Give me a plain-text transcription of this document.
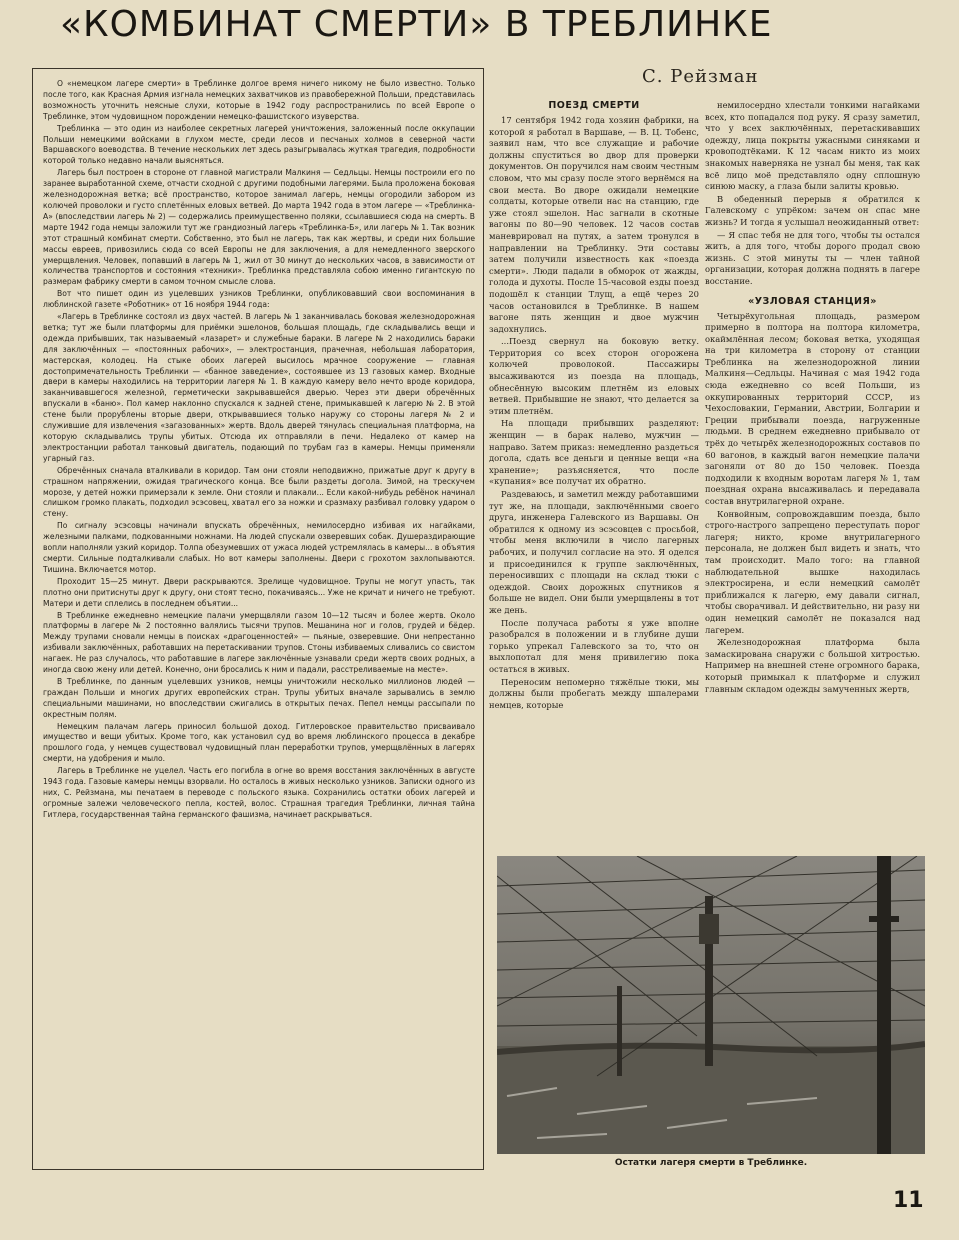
«КОМБИНАТ СМЕРТИ» В ТРЕБЛИНКЕ

О «немецком лагере смерти» в Треблинке долгое время ничего никому не было известно. Только после того, как Красная Армия изгнала немецких захватчиков из правобережной Польши, представилась возможность уточнить неясные слухи, которые в 1942 году распространились по всей Европе о Треблинке, этом чудовищном порождении немецко-фашистского изуверства.

Треблинка — это один из наиболее секретных лагерей уничтожения, заложенный после оккупации Польши немецкими войсками в глухом месте, среди лесов и песчаных холмов в северной части Варшавского воеводства. В течение нескольких лет здесь разыгрывалась жуткая трагедия, подробности которой только недавно начали выясняться.

Лагерь был построен в стороне от главной магистрали Малкиня — Седльцы. Немцы построили его по заранее выработанной схеме, отчасти сходной с другими подобными лагерями. Была проложена боковая железнодорожная ветка; всё пространство, которое занимал лагерь, немцы огородили забором из колючей проволоки и густо сплетённых еловых ветвей. До марта 1942 года в этом лагере — «Треблинка-А» (впоследствии лагерь № 2) — содержались преимущественно поляки, ссылавшиеся сюда на смерть. В марте 1942 года немцы заложили тут же грандиозный лагерь «Треблинка-Б», или лагерь № 1. Так возник этот страшный комбинат смерти. Собственно, это был не лагерь, так как жертвы, и среди них большие массы евреев, привозились сюда со всей Европы не для заключения, а для немедленного зверского умерщвления. Человек, попавший в лагерь № 1, жил от 30 минут до нескольких часов, в зависимости от количества транспортов и состояния «техники». Треблинка представляла собою именно гигантскую по размерам фабрику смерти в самом точном смысле слова.

Вот что пишет один из уцелевших узников Треблинки, опубликовавший свои воспоминания в люблинской газете «Роботник» от 16 ноября 1944 года:

«Лагерь в Треблинке состоял из двух частей. В лагерь № 1 заканчивалась боковая железнодорожная ветка; тут же были платформы для приёмки эшелонов, большая площадь, где складывались вещи и одежда прибывших, так называемый «лазарет» и служебные бараки. В лагере № 2 находились бараки для заключённых — «постоянных рабочих», — электростанция, прачечная, небольшая лаборатория, мастерская, колодец. На стыке обоих лагерей высилось мрачное сооружение — главная достопримечательность Треблинки — «банное заведение», состоявшее из 13 газовых камер. Входные двери в камеры находились на территории лагеря № 1. В каждую камеру вело нечто вроде коридора, заканчивавшегося железной, герметически закрывавшейся дверью. Через эти двери обречённых впускали в «баню». Пол камер наклонно спускался к задней стене, примыкавшей к лагерю № 2. В этой стене были прорублены вторые двери, открывавшиеся только наружу со стороны лагеря № 2 и служившие для извлечения «загазованных» жертв. Вдоль дверей тянулась специальная платформа, на которую складывались трупы убитых. Отсюда их отправляли в печи. Недалеко от камер на электростанции работал танковый двигатель, подающий по трубам газ в камеры. Немцы применяли угарный газ.

Обречённых сначала вталкивали в коридор. Там они стояли неподвижно, прижатые друг к другу в страшном напряжении, ожидая трагического конца. Все были раздеты догола. Зимой, на трескучем морозе, у детей ножки примерзали к земле. Они стояли и плакали... Если какой-нибудь ребёнок начинал слишком громко плакать, подходил эсэсовец, хватал его за ножки и сразмаху разбивал головку ударом о стену.

По сигналу эсэсовцы начинали впускать обречённых, немилосердно избивая их нагайками, железными палками, подкованными ножнами. На людей спускали озверевших собак. Душераздирающие вопли наполняли узкий коридор. Толпа обезумевших от ужаса людей устремлялась в камеры... в объятия смерти. Сильные подталкивали слабых. Но вот камеры заполнены. Двери с грохотом захлопываются. Тишина. Включается мотор.

Проходит 15—25 минут. Двери раскрываются. Зрелище чудовищное. Трупы не могут упасть, так плотно они притиснуты друг к другу, они стоят тесно, покачиваясь... Уже не кричат и ничего не требуют. Матери и дети сплелись в последнем объятии...

В Треблинке ежедневно немецкие палачи умерщвляли газом 10—12 тысяч и более жертв. Около платформы в лагере № 2 постоянно валялись тысячи трупов. Мешанина ног и голов, грудей и бёдер. Между трупами сновали немцы в поисках «драгоценностей» — пьяные, озверевшие. Они непрестанно избивали заключённых, работавших на перетаскивании трупов. Стоны избиваемых сливались со свистом нагаек. Не раз случалось, что работавшие в лагере заключённые узнавали среди жертв своих родных, а иногда свою жену или детей. Конечно, они бросались к ним и падали, расстреливаемые на месте».

В Треблинке, по данным уцелевших узников, немцы уничтожили несколько миллионов людей — граждан Польши и многих других европейских стран. Трупы убитых вначале зарывались в землю специальными машинами, но впоследствии сжигались в открытых печах. Пепел немцы рассыпали по окрестным полям.

Немецким палачам лагерь приносил большой доход. Гитлеровское правительство присваивало имущество и вещи убитых. Кроме того, как установил суд во время люблинского процесса в декабре прошлого года, у немцев существовал чудовищный план переработки трупов, умерщвлённых в лагерях смерти, на удобрения и мыло.

Лагерь в Треблинке не уцелел. Часть его погибла в огне во время восстания заключённых в августе 1943 года. Газовые камеры немцы взорвали. Но осталось в живых несколько узников. Записки одного из них, С. Рейзмана, мы печатаем в переводе с польского языка. Сохранились остатки обоих лагерей и огромные залежи человеческого пепла, костей, волос. Страшная трагедия Треблинки, личная тайна Гитлера, государственная тайна германского фашизма, начинает раскрываться.

С. Рейзман
ПОЕЗД СМЕРТИ

17 сентября 1942 года хозяин фабрики, на которой я работал в Варшаве, — В. Ц. Тобенс, заявил нам, что все служащие и рабочие должны спуститься во двор для проверки документов. Он поручился нам своим честным словом, что мы сразу после этого вернёмся на свои места. Во дворе ожидали немецкие солдаты, которые отвели нас на станцию, где уже стоял эшелон. Нас загнали в скотные вагоны по 80—90 человек. 12 часов состав маневрировал на путях, а затем тронулся в направлении на Треблинку. Эти составы затем получили известность как «поезда смерти». Люди падали в обморок от жажды, голода и духоты. После 15-часовой езды поезд подошёл к станции Тлущ, а ещё через 20 часов остановился в Треблинке. В нашем вагоне пять женщин и двое мужчин задохнулись.

...Поезд свернул на боковую ветку. Территория со всех сторон огорожена колючей проволокой. Пассажиры высаживаются из поезда на площадь, обнесённую высоким плетнём из еловых ветвей. Прибывшие не знают, что делается за этим плетнём.

На площади прибывших разделяют: женщин — в барак налево, мужчин — направо. Затем приказ: немедленно раздеться догола, сдать все деньги и ценные вещи «на хранение»; разъясняется, что после «купания» все получат их обратно.

Раздеваюсь, и заметил между работавшими тут же, на площади, заключёнными своего друга, инженера Галевского из Варшавы. Он обратился к одному из эсэсовцев с просьбой, чтобы меня включили в число лагерных рабочих, и получил согласие на это. Я оделся и присоединился к группе заключённых, переносивших с площади на склад тюки с одеждой. Своих дорожных спутников я больше не видел. Они были умерщвлены в тот же день.

После получаса работы я уже вполне разобрался в положении и в глубине души горько упрекал Галевского за то, что он выхлопотал для меня привилегию пока остаться в живых.

Переносим непомерно тяжёлые тюки, мы должны были пробегать между шпалерами немцев, которые

немилосердно хлестали тонкими нагайками всех, кто попадался под руку. Я сразу заметил, что у всех заключённых, перетаскивавших одежду, лица покрыты ужасными синяками и кровоподтёками. К 12 часам никто из моих знакомых наверняка не узнал бы меня, так как всё лицо моё представляло одну сплошную синюю маску, а глаза были залиты кровью.

В обеденный перерыв я обратился к Галевскому с упрёком: зачем он спас мне жизнь? И тогда я услышал неожиданный ответ:

— Я спас тебя не для того, чтобы ты остался жить, а для того, чтобы дорого продал свою жизнь. С этой минуты ты — член тайной организации, которая должна поднять в лагере восстание.

«УЗЛОВАЯ СТАНЦИЯ»

Четырёхугольная площадь, размером примерно в полтора на полтора километра, окаймлённая лесом; боковая ветка, уходящая на три километра в сторону от станции Треблинка на железнодорожной линии Малкиня—Седльцы. Начиная с мая 1942 года сюда ежедневно со всей Польши, из оккупированных территорий СССР, из Чехословакии, Германии, Австрии, Болгарии и Греции прибывали поезда, нагруженные людьми. В среднем ежедневно прибывало от трёх до четырёх железнодорожных составов по 60 вагонов, в каждый вагон немецкие палачи загоняли от 80 до 150 человек. Поезда подходили к входным воротам лагеря № 1, там поездная охрана высаживалась и передавала состав внутрилагерной охране.

Конвойным, сопровождавшим поезда, было строго-настрого запрещено переступать порог лагеря; никто, кроме внутрилагерного персонала, не должен был видеть и знать, что там происходит. Мало того: на главной наблюдательной вышке находилась электросирена, и если немецкий самолёт приближался к лагерю, ему давали сигнал, чтобы сворачивал. И действительно, ни разу ни один немецкий самолёт не показался над лагерем.

Железнодорожная платформа была замаскирована снаружи с большой хитростью. Например на внешней стене огромного барака, который примыкал к платформе и служил главным складом одежды замученных жертв,

Остатки лагеря смерти в Треблинке.
11
